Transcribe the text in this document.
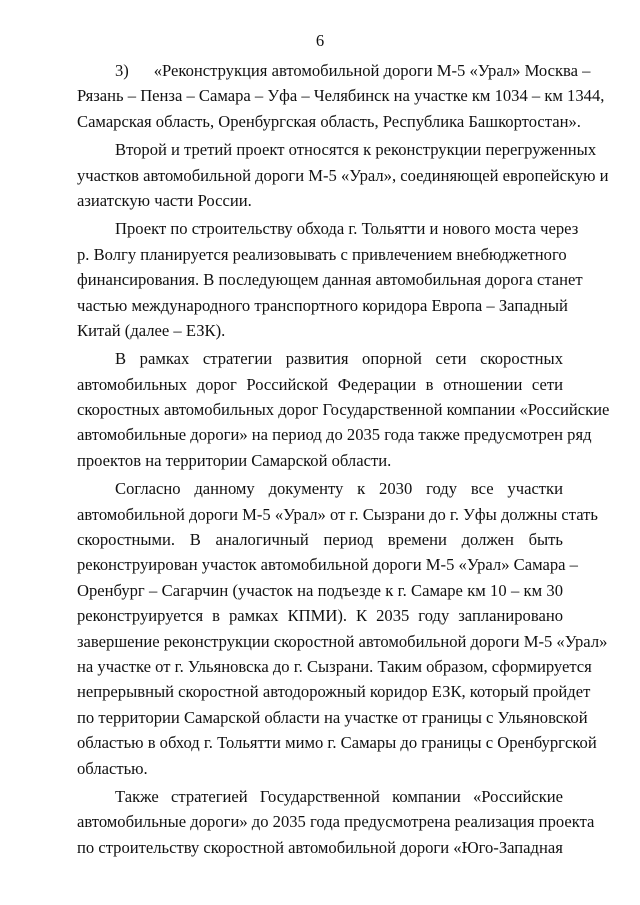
6
3)      «Реконструкция автомобильной дороги М-5 «Урал» Москва –
Рязань – Пенза – Самара – Уфа – Челябинск на участке км 1034 – км 1344,
Самарская область, Оренбургская область, Республика Башкортостан».
Второй и третий проект относятся к реконструкции перегруженных
участков автомобильной дороги М-5 «Урал», соединяющей европейскую и
азиатскую части России.
Проект по строительству обхода г. Тольятти и нового моста через
р. Волгу планируется реализовывать с привлечением внебюджетного
финансирования. В последующем данная автомобильная дорога станет
частью международного транспортного коридора Европа – Западный
Китай (далее – ЕЗК).
В рамках стратегии развития опорной сети скоростных
автомобильных дорог Российской Федерации в отношении сети
скоростных автомобильных дорог Государственной компании «Российские
автомобильные дороги» на период до 2035 года также предусмотрен ряд
проектов на территории Самарской области.
Согласно данному документу к 2030 году все участки
автомобильной дороги М-5 «Урал» от г. Сызрани до г. Уфы должны стать
скоростными. В аналогичный период времени должен быть
реконструирован участок автомобильной дороги М-5 «Урал» Самара –
Оренбург – Сагарчин (участок на подъезде к г. Самаре км 10 – км 30
реконструируется в рамках КПМИ). К 2035 году запланировано
завершение реконструкции скоростной автомобильной дороги М-5 «Урал»
на участке от г. Ульяновска до г. Сызрани. Таким образом, сформируется
непрерывный скоростной автодорожный коридор ЕЗК, который пройдет
по территории Самарской области на участке от границы с Ульяновской
областью в обход г. Тольятти мимо г. Самары до границы с Оренбургской
областью.
Также стратегией Государственной компании «Российские
автомобильные дороги» до 2035 года предусмотрена реализация проекта
по строительству скоростной автомобильной дороги «Юго-Западная
